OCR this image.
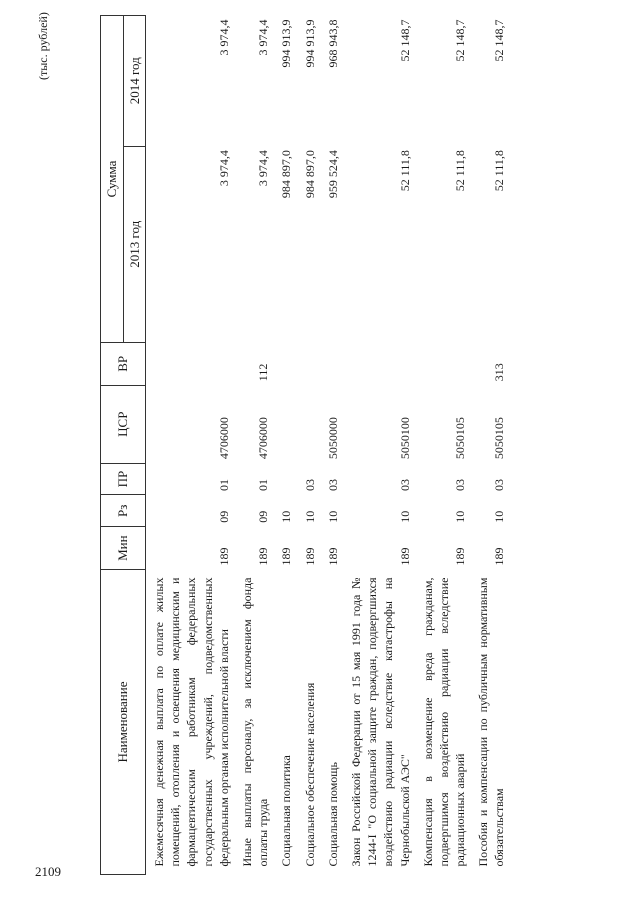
2109
(тыс. рублей)
Наименование	Мин	Рз	ПР	ЦСР	ВР	Сумма	
						2013 год	2014 год
Ежемесячная денежная выплата по оплате жилых помещений, отопления и освещения медицинским и фармацевтическим работникам федеральных государственных учреждений, подведомственных федеральным органам исполнительной власти	189	09	01	4706000		3 974,4	3 974,4
Иные выплаты персоналу, за исключением фонда оплаты труда	189	09	01	4706000	112	3 974,4	3 974,4
Социальная политика	189	10				984 897,0	994 913,9
Социальное обеспечение населения	189	10	03			984 897,0	994 913,9
Социальная помощь	189	10	03	5050000		959 524,4	968 943,8
Закон Российской Федерации от 15 мая 1991 года № 1244-I "О социальной защите граждан, подвергшихся воздействию радиации вследствие катастрофы на Чернобыльской АЭС"	189	10	03	5050100		52 111,8	52 148,7
Компенсация в возмещение вреда гражданам, подвергшимся воздействию радиации вследствие радиационных аварий	189	10	03	5050105		52 111,8	52 148,7
Пособия и компенсации по публичным нормативным обязательствам	189	10	03	5050105	313	52 111,8	52 148,7
